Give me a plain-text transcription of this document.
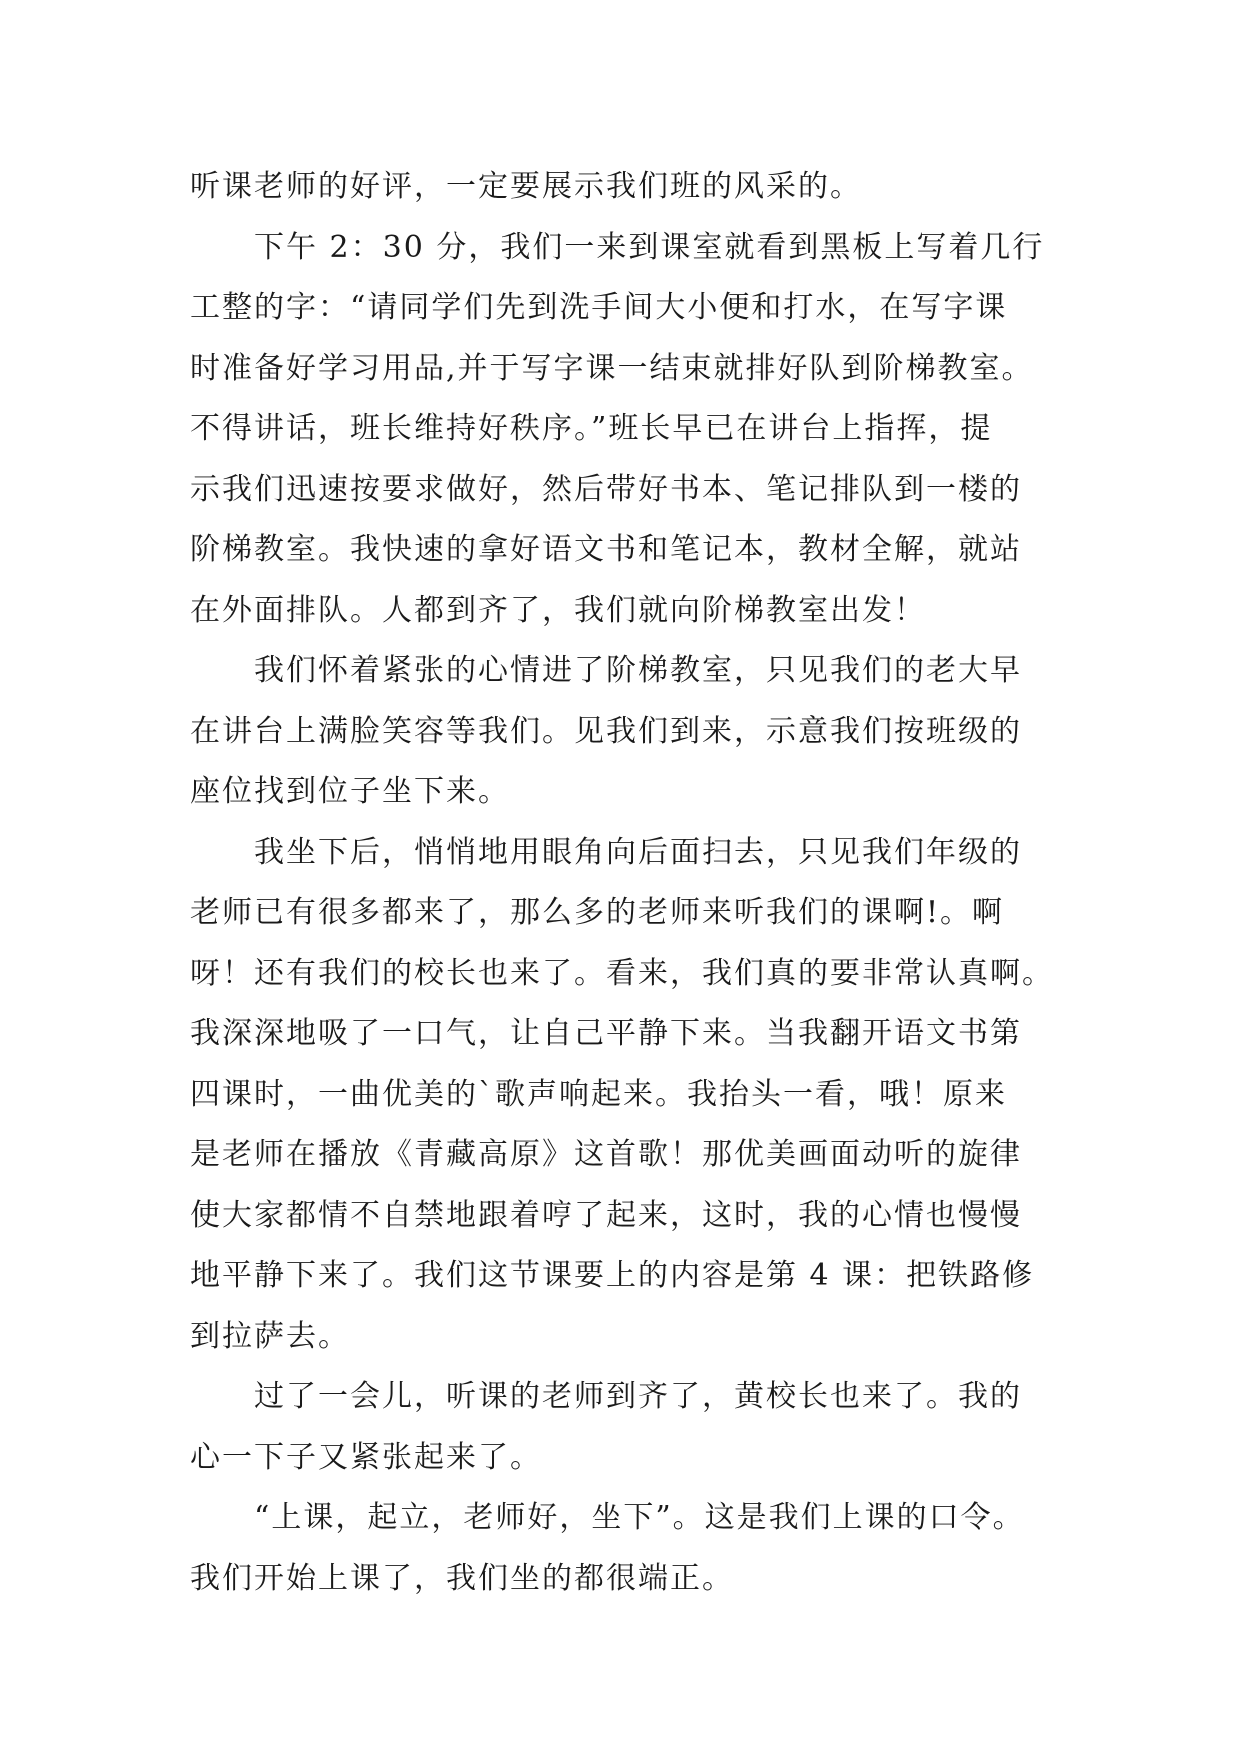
听课老师的好评，一定要展示我们班的风采的。
下午 2：30 分，我们一来到课室就看到黑板上写着几行
工整的字：“请同学们先到洗手间大小便和打水，在写字课
时准备好学习用品,并于写字课一结束就排好队到阶梯教室。
不得讲话，班长维持好秩序。”班长早已在讲台上指挥，提
示我们迅速按要求做好，然后带好书本、笔记排队到一楼的
阶梯教室。我快速的拿好语文书和笔记本，教材全解，就站
在外面排队。人都到齐了，我们就向阶梯教室出发！
我们怀着紧张的心情进了阶梯教室，只见我们的老大早
在讲台上满脸笑容等我们。见我们到来，示意我们按班级的
座位找到位子坐下来。
我坐下后，悄悄地用眼角向后面扫去，只见我们年级的
老师已有很多都来了，那么多的老师来听我们的课啊!。啊
呀！还有我们的校长也来了。看来，我们真的要非常认真啊。
我深深地吸了一口气，让自己平静下来。当我翻开语文书第
四课时，一曲优美的`歌声响起来。我抬头一看，哦！原来
是老师在播放《青藏高原》这首歌！那优美画面动听的旋律
使大家都情不自禁地跟着哼了起来，这时，我的心情也慢慢
地平静下来了。我们这节课要上的内容是第 4 课：把铁路修
到拉萨去。
过了一会儿，听课的老师到齐了，黄校长也来了。我的
心一下子又紧张起来了。
“上课，起立，老师好，坐下”。这是我们上课的口令。
我们开始上课了，我们坐的都很端正。
